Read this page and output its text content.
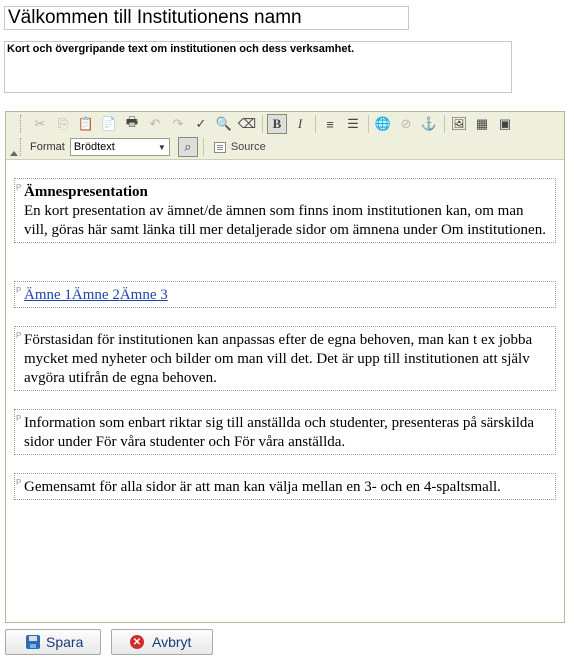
Välkommen till Institutionens namn
Kort och övergripande text om institutionen och dess verksamhet.
✂ ⎘ 📋 📄 🖶 ↶ ↷ ✓ 🔍 ⌫	B	I	≡	☰	🌐 ⊘ ⚓ 🖼 ▦ ▣
Format Brödtext	▼	⌕	Source
P Ämnespresentation
En kort presentation av ämnet/de ämnen som finns inom institutionen kan, om man vill, göras här samt länka till mer detaljerade sidor om ämnena under Om institutionen.
P Ämne 1Ämne 2Ämne 3
P Förstasidan för institutionen kan anpassas efter de egna behoven, man kan t ex jobba mycket med nyheter och bilder om man vill det. Det är upp till institutionen att själv avgöra utifrån de egna behoven.
P Information som enbart riktar sig till anställda och studenter, presenteras på särskilda sidor under För våra studenter och För våra anställda.
P Gemensamt för alla sidor är att man kan välja mellan en 3- och en 4-spaltsmall.
Spara	✕ Avbryt
